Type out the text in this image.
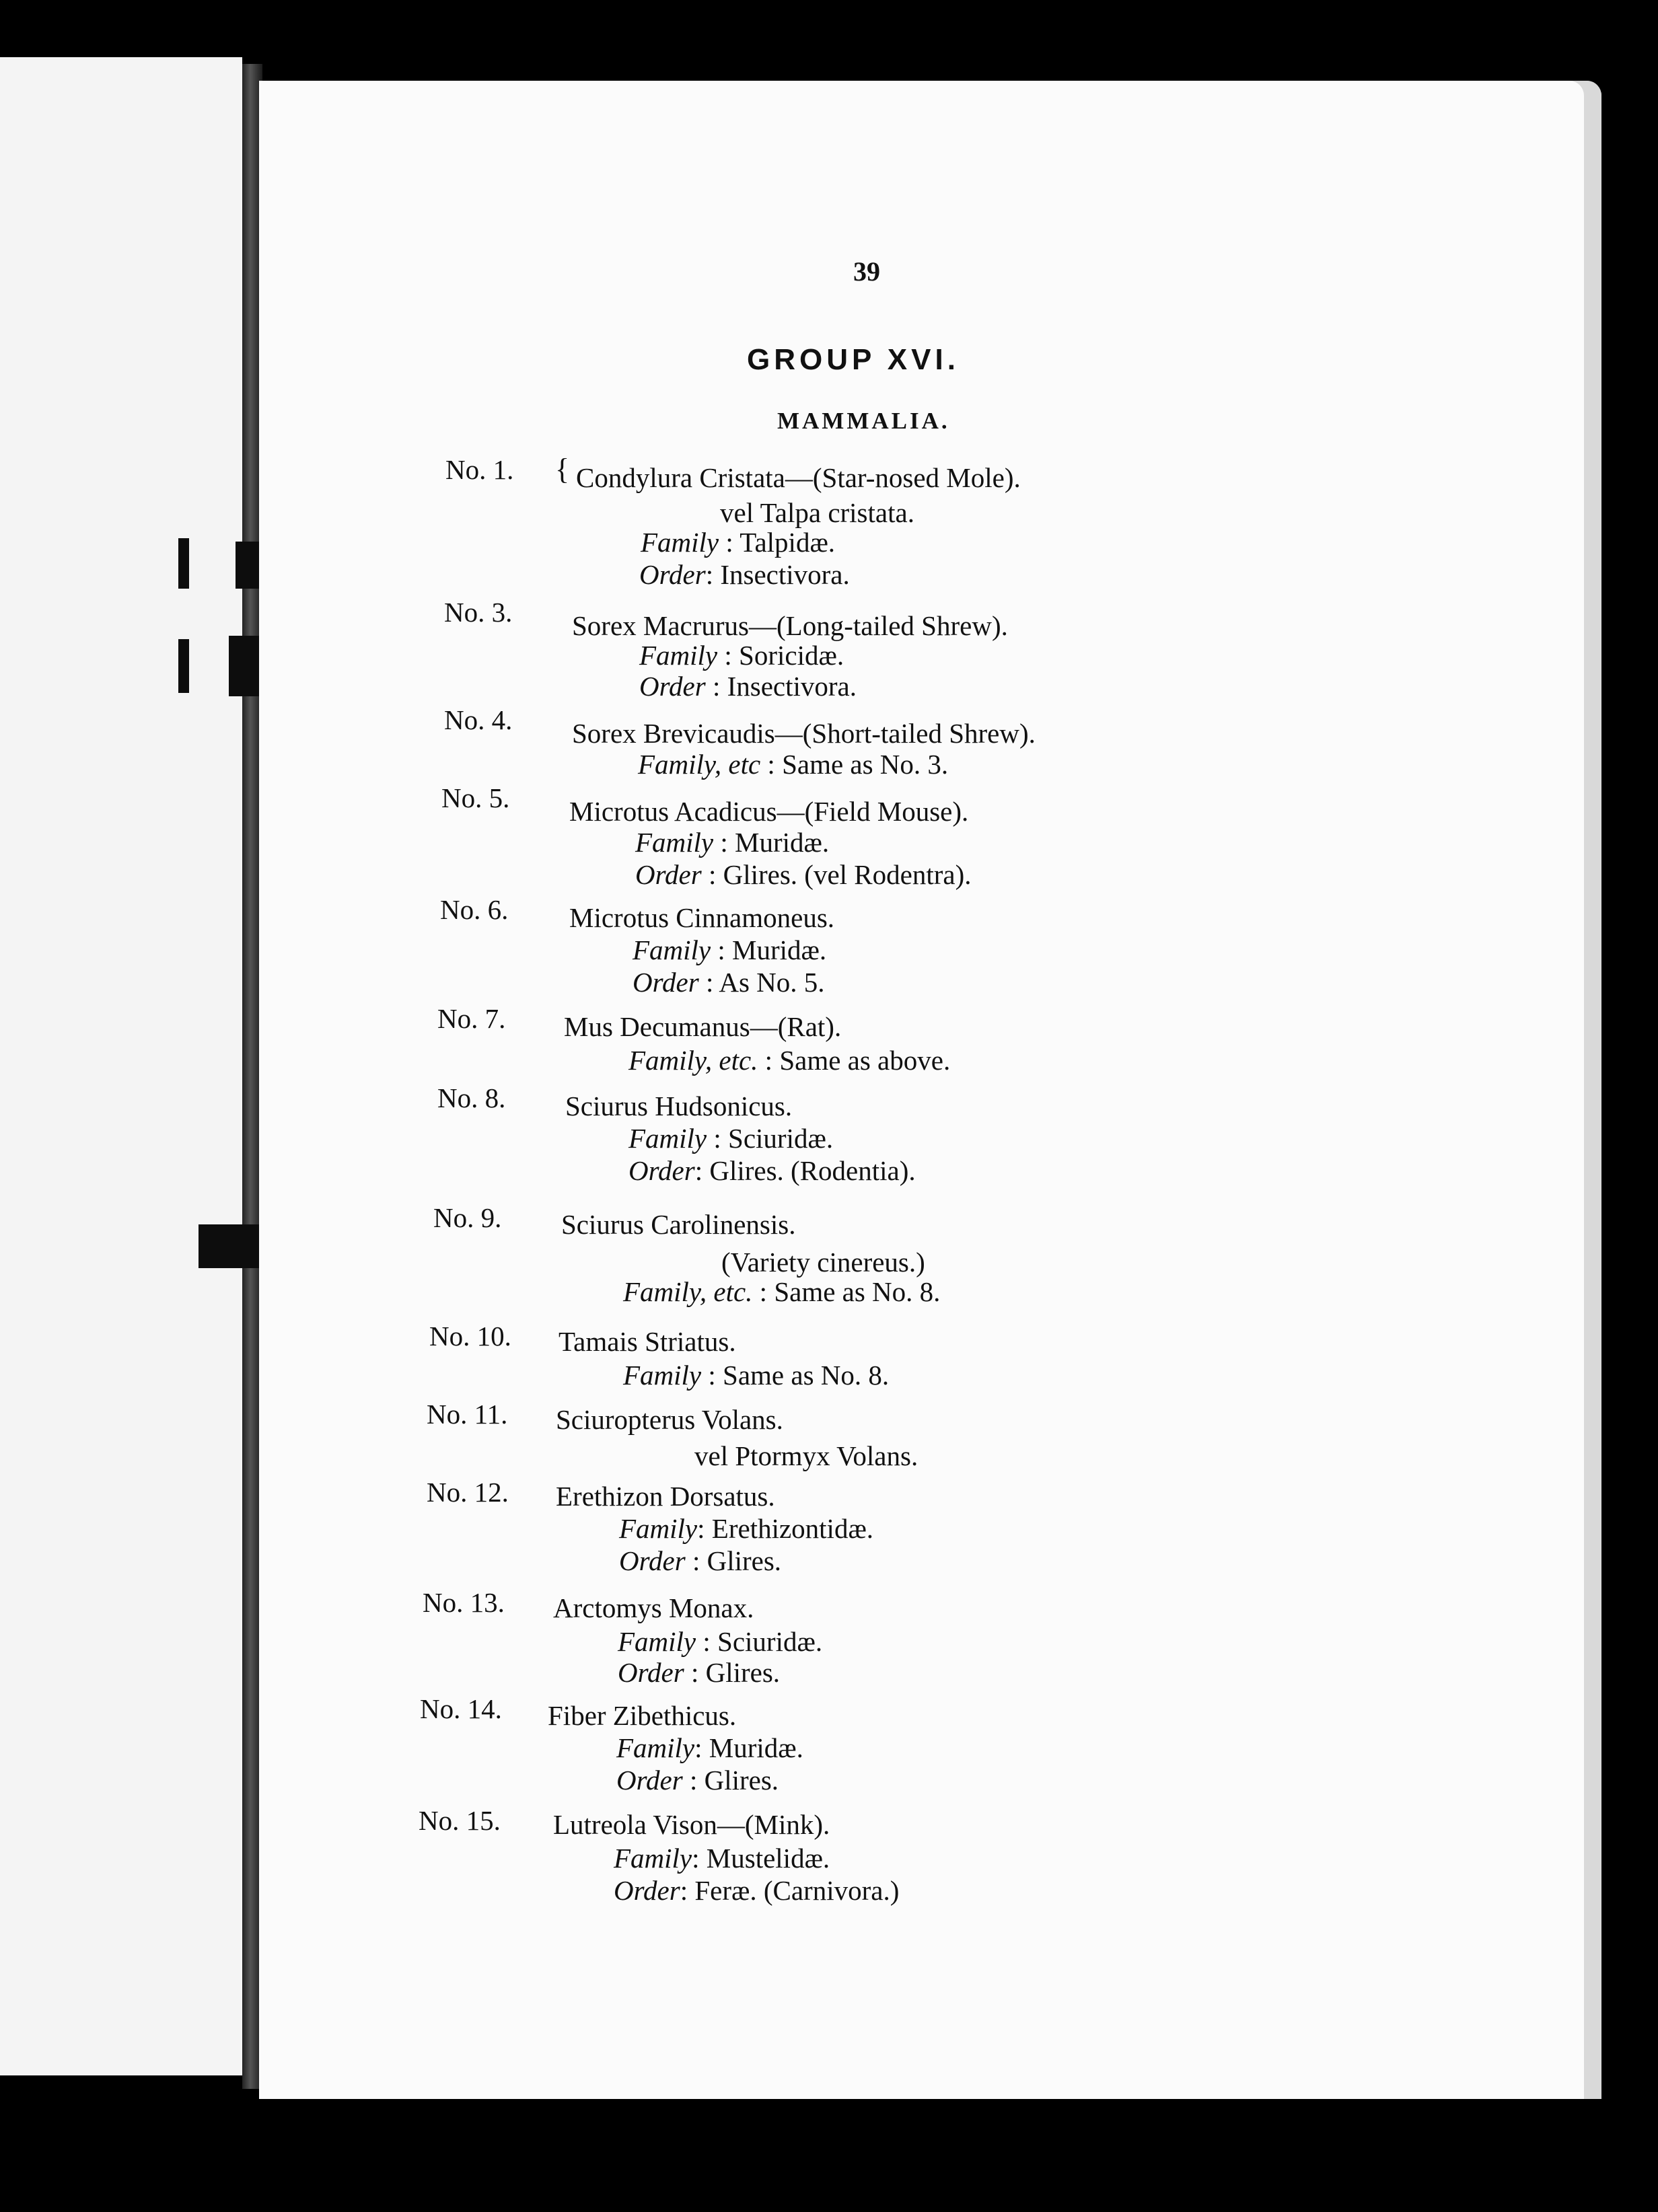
39
GROUP XVI.
MAMMALIA.
No. 1. { Condylura Cristata—(Star-nosed Mole).
vel Talpa cristata.
Family : Talpidæ.
Order: Insectivora.
No. 3. Sorex Macrurus—(Long-tailed Shrew).
Family : Soricidæ.
Order : Insectivora.
No. 4. Sorex Brevicaudis—(Short-tailed Shrew).
Family, etc : Same as No. 3.
No. 5. Microtus Acadicus—(Field Mouse).
Family : Muridæ.
Order : Glires. (vel Rodentra).
No. 6. Microtus Cinnamoneus.
Family : Muridæ.
Order : As No. 5.
No. 7. Mus Decumanus—(Rat).
Family, etc. : Same as above.
No. 8. Sciurus Hudsonicus.
Family : Sciuridæ.
Order: Glires. (Rodentia).
No. 9. Sciurus Carolinensis.
(Variety cinereus.)
Family, etc. : Same as No. 8.
No. 10. Tamais Striatus.
Family : Same as No. 8.
No. 11. Sciuropterus Volans.
vel Ptormyx Volans.
No. 12. Erethizon Dorsatus.
Family: Erethizontidæ.
Order : Glires.
No. 13. Arctomys Monax.
Family : Sciuridæ.
Order : Glires.
No. 14. Fiber Zibethicus.
Family: Muridæ.
Order : Glires.
No. 15. Lutreola Vison—(Mink).
Family: Mustelidæ.
Order: Feræ. (Carnivora.)
